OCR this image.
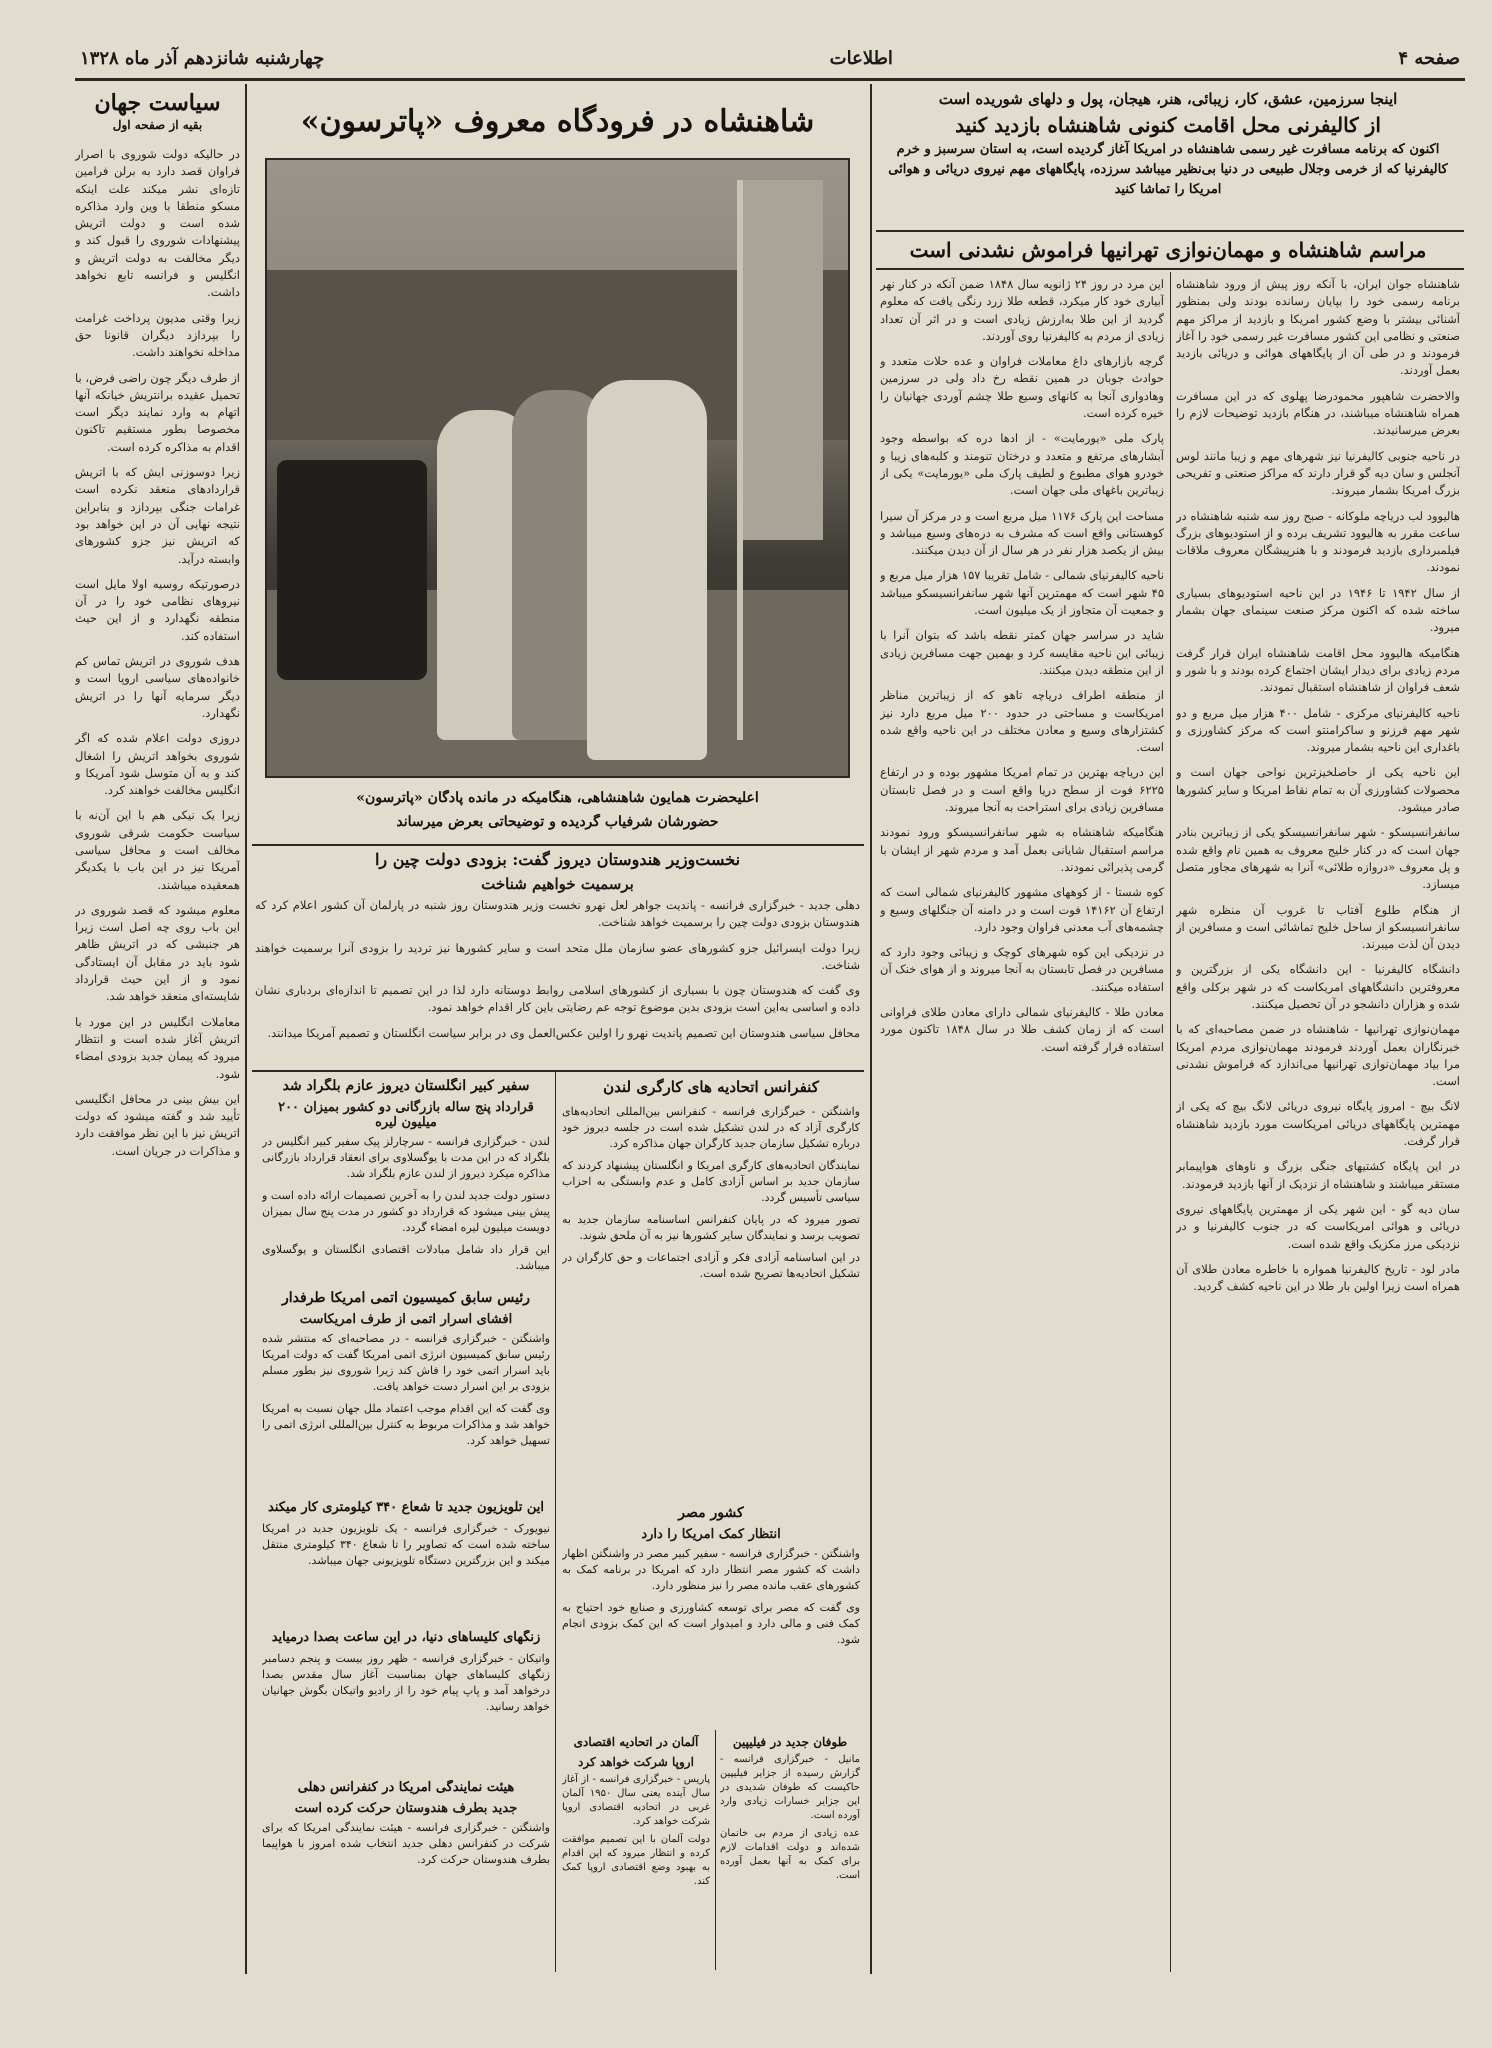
صفحه ۴
اطلاعات
چهارشنبه شانزدهم آذر ماه ۱۳۲۸
سیاست جهان
بقیه از صفحه اول

در حالیکه دولت شوروی با اصرار فراوان قصد دارد به برلن فرامین تازه‌ای نشر میکند علت اینکه مسکو منطقا با وین وارد مذاکره شده است و دولت اتریش پیشنهادات شوروی را قبول کند و دیگر مخالفت به دولت اتریش و انگلیس و فرانسه تابع نخواهد داشت.

زیرا وقتی مدیون پرداخت غرامت را بپردازد دیگران قانونا حق مداخله نخواهند داشت.

از طرف دیگر چون راضی فرض، با تحمیل عقیده برانتریش خیانکه آنها اتهام به وارد نمایند دیگر است مخصوصا بطور مستقیم تاکنون اقدام به مذاکره کرده است.

زیرا دوسوزنی ایش که با اتریش قراردادهای منعقد نکرده است غرامات جنگی بپردازد و بنابراین نتیجه نهایی آن در این خواهد بود که اتریش نیز جزو کشورهای وابسته درآید.

درصورتیکه روسیه اولا مایل است نیروهای نظامی خود را در آن منطقه نگهدارد و از این حیث استفاده کند.

هدف شوروی در اتریش تماس کم خانواده‌های سیاسی اروپا است و دیگر سرمایه آنها را در اتریش نگهدارد.

دروزی دولت اعلام شده که اگر شوروی بخواهد اتریش را اشغال کند و به آن متوسل شود آمریکا و انگلیس مخالفت خواهند کرد.

زیرا یک نیکی هم با این آن‌نه با سیاست حکومت شرقی شوروی مخالف است و محافل سیاسی آمریکا نیز در این باب با یکدیگر همعقیده میباشند.

معلوم میشود که قصد شوروی در این باب روی چه اصل است زیرا هر جنبشی که در اتریش ظاهر شود باید در مقابل آن ایستادگی نمود و از این حیث قرارداد شایسته‌ای منعقد خواهد شد.

معاملات انگلیس در این مورد با اتریش آغاز شده است و انتظار میرود که پیمان جدید بزودی امضاء شود.

این بیش بینی در محافل انگلیسی تأیید شد و گفته میشود که دولت اتریش نیز با این نظر موافقت دارد و مذاکرات در جریان است.

شاهنشاه در فرودگاه معروف «پاترسون»
اعلیحضرت همایون شاهنشاهی، هنگامیکه در مانده پادگان «پاترسون»
حضورشان شرفیاب گردیده و توضیحاتی بعرض میرساند
نخست‌وزیر هندوستان دیروز گفت: بزودی دولت چین را
برسمیت خواهیم شناخت

دهلی جدید - خبرگزاری فرانسه - پاندیت جواهر لعل نهرو نخست وزیر هندوستان روز شنبه در پارلمان آن کشور اعلام کرد که هندوستان بزودی دولت چین را برسمیت خواهد شناخت.

زیرا دولت ایسرائیل جزو کشورهای عضو سازمان ملل متحد است و سایر کشورها نیز تردید را بزودی آنرا برسمیت خواهند شناخت.

وی گفت که هندوستان چون با بسیاری از کشورهای اسلامی روابط دوستانه دارد لذا در این تصمیم تا اندازه‌ای بردباری نشان داده و اساسی به‌این است بزودی بدین موضوع توجه عم رضایتی باین کار اقدام خواهد نمود.

محافل سیاسی هندوستان این تصمیم پاندیت نهرو را اولین عکس‌العمل وی در برابر سیاست انگلستان و تصمیم آمریکا میدانند.

سفیر کبیر انگلستان دیروز عازم بلگراد شد
قرارداد پنج ساله بازرگانی دو کشور بمیزان ۲۰۰ میلیون لیره

لندن - خبرگزاری فرانسه - سرچارلز پیک سفیر کبیر انگلیس در بلگراد که در این مدت با یوگسلاوی برای انعقاد قرارداد بازرگانی مذاکره میکرد دیروز از لندن عازم بلگراد شد.

دستور دولت جدید لندن را به آخرین تصمیمات ارائه داده است و پیش بینی میشود که قرارداد دو کشور در مدت پنج سال بمیزان دویست میلیون لیره امضاء گردد.

این قرار داد شامل مبادلات اقتصادی انگلستان و یوگسلاوی میباشد.

رئیس سابق کمیسیون اتمی امریکا طرفدار
افشای اسرار اتمی از طرف امریکاست

واشنگتن - خبرگزاری فرانسه - در مصاحبه‌ای که منتشر شده رئیس سابق کمیسیون انرژی اتمی امریکا گفت که دولت امریکا باید اسرار اتمی خود را فاش کند زیرا شوروی نیز بطور مسلم بزودی بر این اسرار دست خواهد یافت.

وی گفت که این اقدام موجب اعتماد ملل جهان نسبت به امریکا خواهد شد و مذاکرات مربوط به کنترل بین‌المللی انرژی اتمی را تسهیل خواهد کرد.

این تلویزیون جدید تا شعاع ۳۴۰ کیلومتری کار میکند

نیویورک - خبرگزاری فرانسه - یک تلویزیون جدید در امریکا ساخته شده است که تصاویر را تا شعاع ۳۴۰ کیلومتری منتقل میکند و این بزرگترین دستگاه تلویزیونی جهان میباشد.

زنگهای کلیساهای دنیا، در این ساعت بصدا درمیاید

واتیکان - خبرگزاری فرانسه - ظهر روز بیست و پنجم دسامبر زنگهای کلیساهای جهان بمناسبت آغاز سال مقدس بصدا درخواهد آمد و پاپ پیام خود را از رادیو واتیکان بگوش جهانیان خواهد رسانید.

هیئت نمایندگی امریکا در کنفرانس دهلی
جدید بطرف هندوستان حرکت کرده است

واشنگتن - خبرگزاری فرانسه - هیئت نمایندگی امریکا که برای شرکت در کنفرانس دهلی جدید انتخاب شده امروز با هواپیما بطرف هندوستان حرکت کرد.

کنفرانس اتحادیه های کارگری لندن

واشنگتن - خبرگزاری فرانسه - کنفرانس بین‌المللی اتحادیه‌های کارگری آزاد که در لندن تشکیل شده است در جلسه دیروز خود درباره تشکیل سازمان جدید کارگران جهان مذاکره کرد.

نمایندگان اتحادیه‌های کارگری امریکا و انگلستان پیشنهاد کردند که سازمان جدید بر اساس آزادی کامل و عدم وابستگی به احزاب سیاسی تأسیس گردد.

تصور میرود که در پایان کنفرانس اساسنامه سازمان جدید به تصویب برسد و نمایندگان سایر کشورها نیز به آن ملحق شوند.

در این اساسنامه آزادی فکر و آزادی اجتماعات و حق کارگران در تشکیل اتحادیه‌ها تصریح شده است.

کشور مصر
انتظار کمک امریکا را دارد

واشنگتن - خبرگزاری فرانسه - سفیر کبیر مصر در واشنگتن اظهار داشت که کشور مصر انتظار دارد که امریکا در برنامه کمک به کشورهای عقب مانده مصر را نیز منظور دارد.

وی گفت که مصر برای توسعه کشاورزی و صنایع خود احتیاج به کمک فنی و مالی دارد و امیدوار است که این کمک بزودی انجام شود.

آلمان در اتحادیه اقتصادی
اروپا شرکت خواهد کرد

پاریس - خبرگزاری فرانسه - از آغاز سال آینده یعنی سال ۱۹۵۰ آلمان غربی در اتحادیه اقتصادی اروپا شرکت خواهد کرد.

دولت آلمان با این تصمیم موافقت کرده و انتظار میرود که این اقدام به بهبود وضع اقتصادی اروپا کمک کند.

طوفان جدید در فیلیپین

مانیل - خبرگزاری فرانسه - گزارش رسیده از جزایر فیلیپین حاکیست که طوفان شدیدی در این جزایر خسارات زیادی وارد آورده است.

عده زیادی از مردم بی خانمان شده‌اند و دولت اقدامات لازم برای کمک به آنها بعمل آورده است.

اینجا سرزمین، عشق، کار، زیبائی، هنر، هیجان، پول و دلهای شوریده است
از کالیفرنی محل اقامت کنونی شاهنشاه بازدید کنید
اکنون که برنامه مسافرت غیر رسمی شاهنشاه در امریکا آغاز گردیده است، به استان سرسبز و خرم کالیفرنیا که از خرمی وجلال طبیعی در دنیا بی‌نظیر میباشد سرزده، پایگاههای مهم نیروی دریائی و هوائی امریکا را تماشا کنید
مراسم شاهنشاه و مهمان‌نوازی تهرانیها فراموش نشدنی است

این مرد در روز ۲۴ ژانویه سال ۱۸۴۸ ضمن آنکه در کنار نهر آبیاری خود کار میکرد، قطعه طلا زرد رنگی یافت که معلوم گردید از این طلا به‌ارزش زیادی است و در اثر آن تعداد زیادی از مردم به کالیفرنیا روی آوردند.

گرچه بازارهای داغ معاملات فراوان و عده حلات متعدد و حوادث جوبان در همین نقطه رخ داد ولی در سرزمین وهادواری آنجا به کانهای وسیع طلا چشم آوردی جهانیان را خیره کرده است.

پارک ملی «یورمایت» - از ادها دره که بواسطه وجود آبشارهای مرتفع و متعدد و درختان تنومند و کلبه‌های زیبا و خودرو هوای مطبوع و لطیف پارک ملی «یورمایت» یکی از زیباترین باغهای ملی جهان است.

مساحت این پارک ۱۱۷۶ میل مربع است و در مرکز آن سیرا کوهستانی واقع است که مشرف به دره‌های وسیع میباشد و بیش از یکصد هزار نفر در هر سال از آن دیدن میکنند.

ناحیه کالیفرنیای شمالی - شامل تقریبا ۱۵۷ هزار میل مربع و ۴۵ شهر است که مهمترین آنها شهر سانفرانسیسکو میباشد و جمعیت آن متجاوز از یک میلیون است.

شاید در سراسر جهان کمتر نقطه باشد که بتوان آنرا با زیبائی این ناحیه مقایسه کرد و بهمین جهت مسافرین زیادی از این منطقه دیدن میکنند.

از منطقه اطراف دریاچه تاهو که از زیباترین مناظر امریکاست و مساحتی در حدود ۲۰۰ میل مربع دارد نیز کشتزارهای وسیع و معادن مختلف در این ناحیه واقع شده است.

این دریاچه بهترین در تمام امریکا مشهور بوده و در ارتفاع ۶۲۲۵ فوت از سطح دریا واقع است و در فصل تابستان مسافرین زیادی برای استراحت به آنجا میروند.

هنگامیکه شاهنشاه به شهر سانفرانسیسکو ورود نمودند مراسم استقبال شایانی بعمل آمد و مردم شهر از ایشان با گرمی پذیرائی نمودند.

کوه شستا - از کوههای مشهور کالیفرنیای شمالی است که ارتفاع آن ۱۴۱۶۲ فوت است و در دامنه آن جنگلهای وسیع و چشمه‌های آب معدنی فراوان وجود دارد.

در نزدیکی این کوه شهرهای کوچک و زیبائی وجود دارد که مسافرین در فصل تابستان به آنجا میروند و از هوای خنک آن استفاده میکنند.

معادن طلا - کالیفرنیای شمالی دارای معادن طلای فراوانی است که از زمان کشف طلا در سال ۱۸۴۸ تاکنون مورد استفاده قرار گرفته است.

شاهنشاه جوان ایران، با آنکه روز پیش از ورود شاهنشاه برنامه رسمی خود را بپایان رسانده بودند ولی بمنظور آشنائی بیشتر با وضع کشور امریکا و بازدید از مراکز مهم صنعتی و نظامی این کشور مسافرت غیر رسمی خود را آغاز فرمودند و در طی آن از پایگاههای هوائی و دریائی بازدید بعمل آوردند.

والاحضرت شاهپور محمودرضا پهلوی که در این مسافرت همراه شاهنشاه میباشند، در هنگام بازدید توضیحات لازم را بعرض میرسانیدند.

در ناحیه جنوبی کالیفرنیا نیز شهرهای مهم و زیبا مانند لوس آنجلس و سان دیه گو قرار دارند که مراکز صنعتی و تفریحی بزرگ امریکا بشمار میروند.

هالیوود لب دریاچه ملوکانه - صبح روز سه شنبه شاهنشاه در ساعت مقرر به هالیوود تشریف برده و از استودیوهای بزرگ فیلمبرداری بازدید فرمودند و با هنرپیشگان معروف ملاقات نمودند.

از سال ۱۹۴۲ تا ۱۹۴۶ در این ناحیه استودیوهای بسیاری ساخته شده که اکنون مرکز صنعت سینمای جهان بشمار میرود.

هنگامیکه هالیوود محل اقامت شاهنشاه ایران قرار گرفت مردم زیادی برای دیدار ایشان اجتماع کرده بودند و با شور و شعف فراوان از شاهنشاه استقبال نمودند.

ناحیه کالیفرنیای مرکزی - شامل ۴۰۰ هزار میل مربع و دو شهر مهم فرزنو و ساکرامنتو است که مرکز کشاورزی و باغداری این ناحیه بشمار میروند.

این ناحیه یکی از حاصلخیزترین نواحی جهان است و محصولات کشاورزی آن به تمام نقاط امریکا و سایر کشورها صادر میشود.

سانفرانسیسکو - شهر سانفرانسیسکو یکی از زیباترین بنادر جهان است که در کنار خلیج معروف به همین نام واقع شده و پل معروف «دروازه طلائی» آنرا به شهرهای مجاور متصل میسازد.

از هنگام طلوع آفتاب تا غروب آن منظره شهر سانفرانسیسکو از ساحل خلیج تماشائی است و مسافرین از دیدن آن لذت میبرند.

دانشگاه کالیفرنیا - این دانشگاه یکی از بزرگترین و معروفترین دانشگاههای امریکاست که در شهر برکلی واقع شده و هزاران دانشجو در آن تحصیل میکنند.

مهمان‌نوازی تهرانیها - شاهنشاه در ضمن مصاحبه‌ای که با خبرنگاران بعمل آوردند فرمودند مهمان‌نوازی مردم امریکا مرا بیاد مهمان‌نوازی تهرانیها می‌اندازد که فراموش نشدنی است.

لانگ بیچ - امروز پایگاه نیروی دریائی لانگ بیچ که یکی از مهمترین پایگاههای دریائی امریکاست مورد بازدید شاهنشاه قرار گرفت.

در این پایگاه کشتیهای جنگی بزرگ و ناوهای هواپیمابر مستقر میباشند و شاهنشاه از نزدیک از آنها بازدید فرمودند.

سان دیه گو - این شهر یکی از مهمترین پایگاههای نیروی دریائی و هوائی امریکاست که در جنوب کالیفرنیا و در نزدیکی مرز مکزیک واقع شده است.

مادر لود - تاریخ کالیفرنیا همواره با خاطره معادن طلای آن همراه است زیرا اولین بار طلا در این ناحیه کشف گردید.
